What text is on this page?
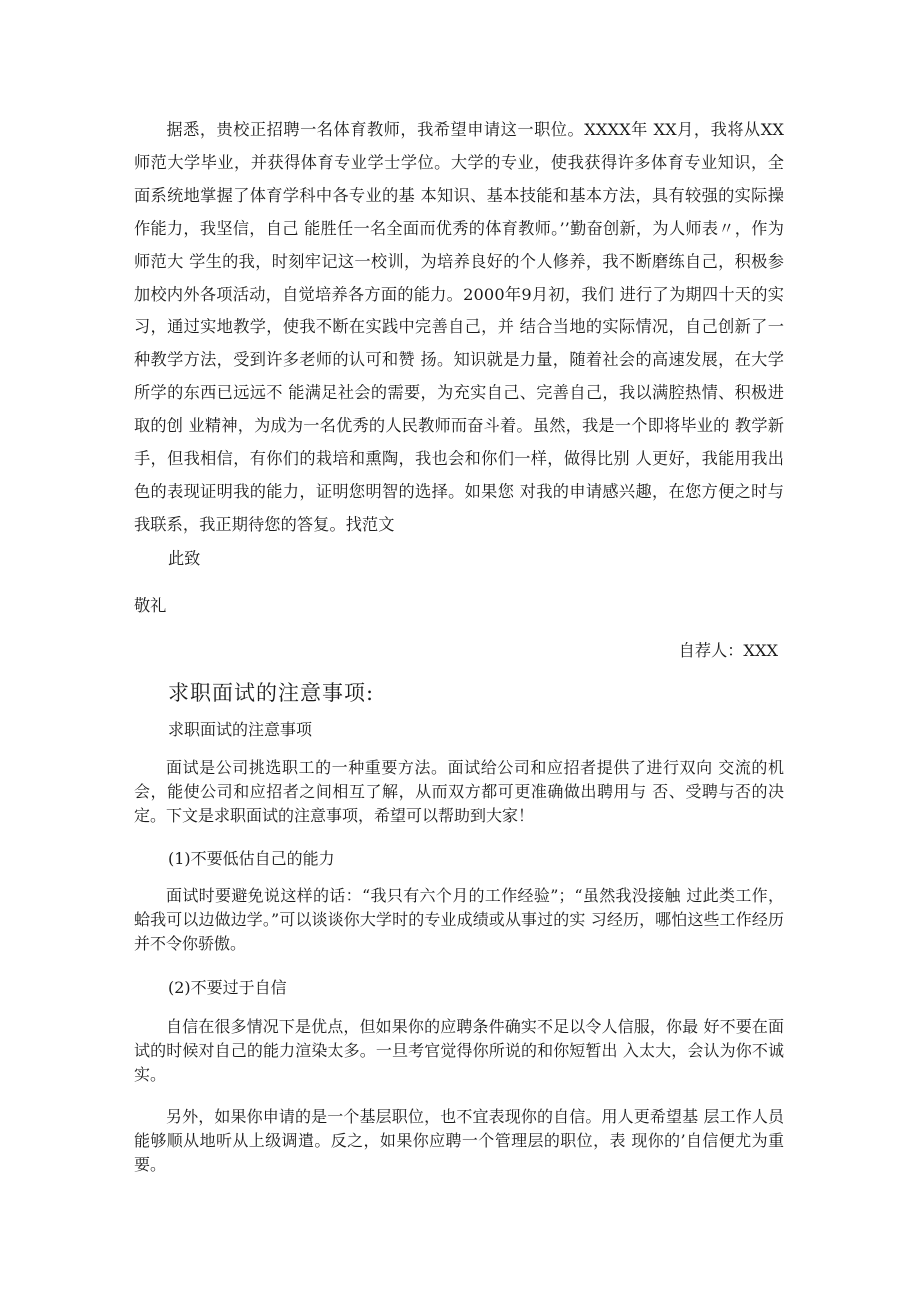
据悉，贵校正招聘一名体育教师，我希望申请这一职位。XXXX年 XX月，我将从XX师范大学毕业，并获得体育专业学士学位。大学的专业，使我获得许多体育专业知识，全面系统地掌握了体育学科中各专业的基 本知识、基本技能和基本方法，具有较强的实际操作能力，我坚信，自己 能胜任一名全面而优秀的体育教师。’’勤奋创新，为人师表〃，作为师范大 学生的我，时刻牢记这一校训，为培养良好的个人修养，我不断磨练自己，积极参加校内外各项活动，自觉培养各方面的能力。2000年9月初，我们 进行了为期四十天的实习，通过实地教学，使我不断在实践中完善自己，并 结合当地的实际情况，自己创新了一种教学方法，受到许多老师的认可和赞 扬。知识就是力量，随着社会的高速发展，在大学所学的东西已远远不 能满足社会的需要，为充实自己、完善自己，我以满腔热情、积极进取的创 业精神，为成为一名优秀的人民教师而奋斗着。虽然，我是一个即将毕业的 教学新手，但我相信，有你们的栽培和熏陶，我也会和你们一样，做得比别 人更好，我能用我出色的表现证明我的能力，证明您明智的选择。如果您 对我的申请感兴趣，在您方便之时与我联系，我正期待您的答复。找范文

此致
敬礼
自荐人：XXX
求职面试的注意事项:
求职面试的注意事项

面试是公司挑选职工的一种重要方法。面试给公司和应招者提供了进行双向 交流的机会，能使公司和应招者之间相互了解，从而双方都可更准确做出聘用与 否、受聘与否的决定。下文是求职面试的注意事项，希望可以帮助到大家！

(1)不要低估自己的能力

面试时要避免说这样的话：“我只有六个月的工作经验”；“虽然我没接触 过此类工作，蛤我可以边做边学。”可以谈谈你大学时的专业成绩或从事过的实 习经历，哪怕这些工作经历并不令你骄傲。

(2)不要过于自信

自信在很多情况下是优点，但如果你的应聘条件确实不足以令人信服，你最 好不要在面试的时候对自己的能力渲染太多。一旦考官觉得你所说的和你短暂出 入太大，会认为你不诚实。

另外，如果你申请的是一个基层职位，也不宜表现你的自信。用人更希望基 层工作人员能够顺从地听从上级调遣。反之，如果你应聘一个管理层的职位，表 现你的’自信便尤为重要。
